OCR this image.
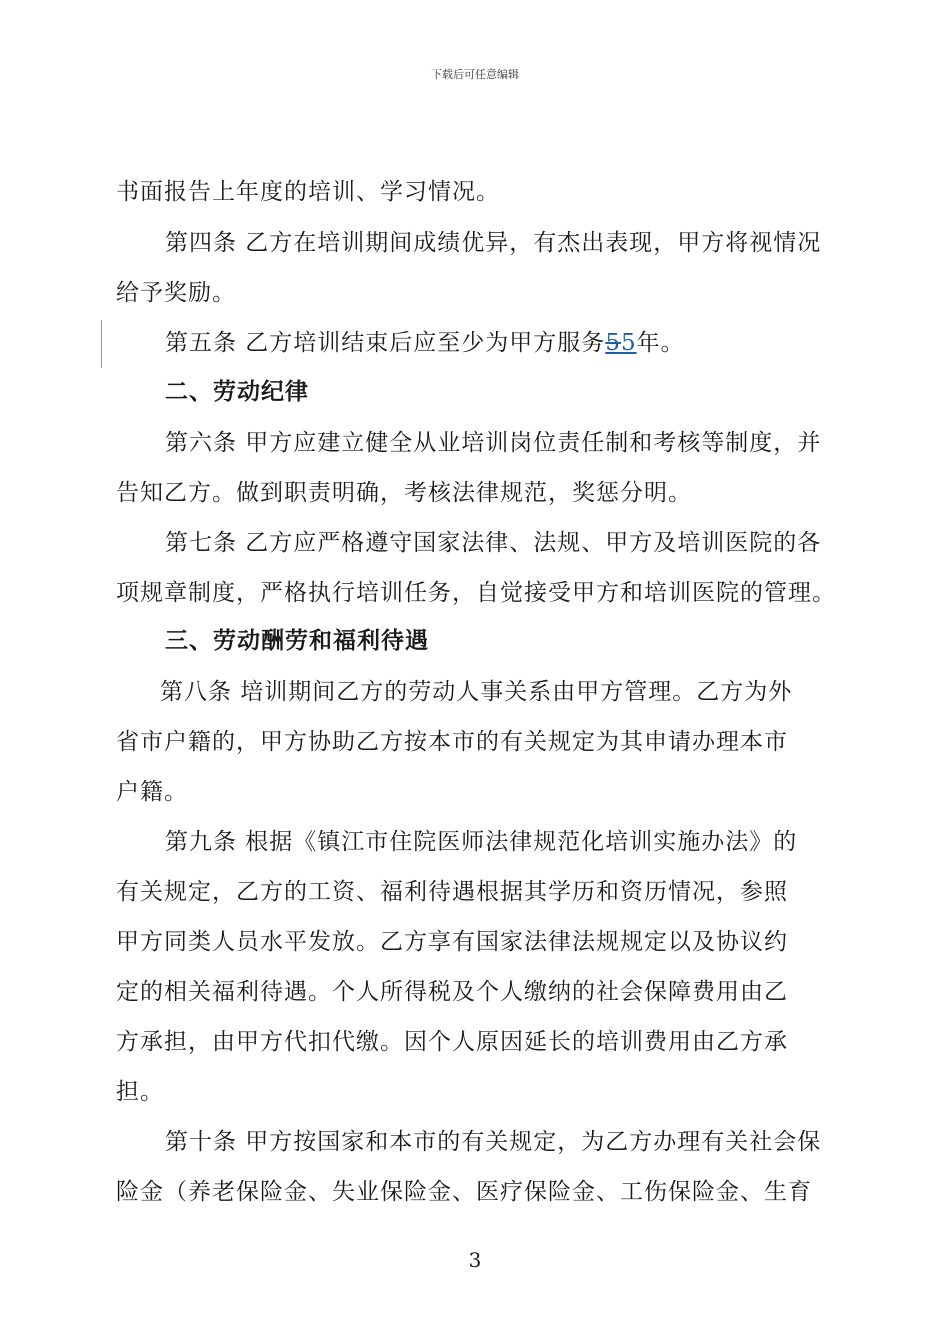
下载后可任意编辑
书面报告上年度的培训、学习情况。
第四条 乙方在培训期间成绩优异，有杰出表现，甲方将视情况
给予奖励。
第五条 乙方培训结束后应至少为甲方服务55年。
二、劳动纪律
第六条 甲方应建立健全从业培训岗位责任制和考核等制度，并
告知乙方。做到职责明确，考核法律规范，奖惩分明。
第七条 乙方应严格遵守国家法律、法规、甲方及培训医院的各
项规章制度，严格执行培训任务，自觉接受甲方和培训医院的管理。
三、劳动酬劳和福利待遇
第八条 培训期间乙方的劳动人事关系由甲方管理。乙方为外
省市户籍的，甲方协助乙方按本市的有关规定为其申请办理本市
户籍。
第九条 根据《镇江市住院医师法律规范化培训实施办法》的
有关规定，乙方的工资、福利待遇根据其学历和资历情况，参照
甲方同类人员水平发放。乙方享有国家法律法规规定以及协议约
定的相关福利待遇。个人所得税及个人缴纳的社会保障费用由乙
方承担，由甲方代扣代缴。因个人原因延长的培训费用由乙方承
担。
第十条 甲方按国家和本市的有关规定，为乙方办理有关社会保
险金（养老保险金、失业保险金、医疗保险金、工伤保险金、生育
3
